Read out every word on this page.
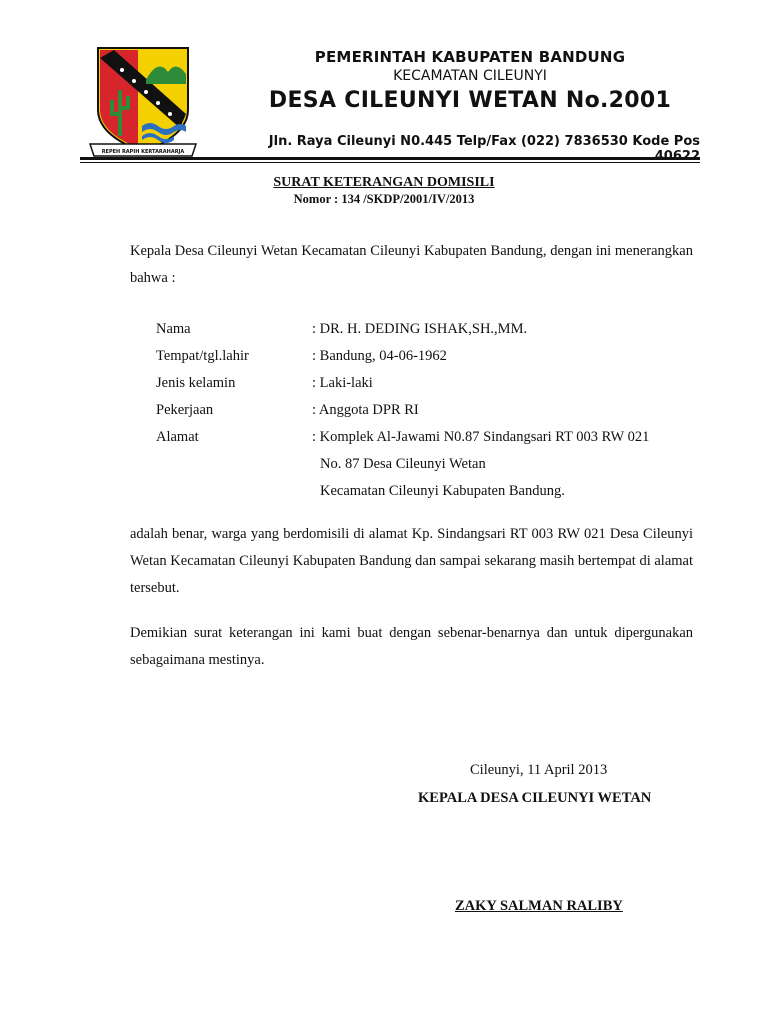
REPEH RAPIH KERTARAHARJA
PEMERINTAH KABUPATEN BANDUNG
KECAMATAN CILEUNYI
DESA CILEUNYI WETAN No.2001
Jln. Raya Cileunyi N0.445 Telp/Fax (022) 7836530 Kode Pos
SURAT KETERANGAN DOMISILI
Nomor : 134 /SKDP/2001/IV/2013
Kepala Desa Cileunyi Wetan Kecamatan Cileunyi Kabupaten Bandung, dengan ini menerangkan bahwa :
Nama	: DR. H. DEDING ISHAK,SH.,MM.
Tempat/tgl.lahir	: Bandung, 04-06-1962
Jenis kelamin	: Laki-laki
Pekerjaan	: Anggota DPR RI
Alamat	: Komplek Al-Jawami N0.87 Sindangsari RT 003 RW 021
No. 87 Desa Cileunyi Wetan
Kecamatan Cileunyi Kabupaten Bandung.
adalah benar, warga yang berdomisili di alamat Kp. Sindangsari RT 003 RW 021 Desa Cileunyi Wetan Kecamatan Cileunyi Kabupaten Bandung dan sampai sekarang masih bertempat di alamat tersebut.
Demikian surat keterangan ini kami buat dengan sebenar-benarnya dan untuk dipergunakan sebagaimana mestinya.
Cileunyi, 11 April 2013
KEPALA DESA CILEUNYI WETAN
ZAKY SALMAN RALIBY
